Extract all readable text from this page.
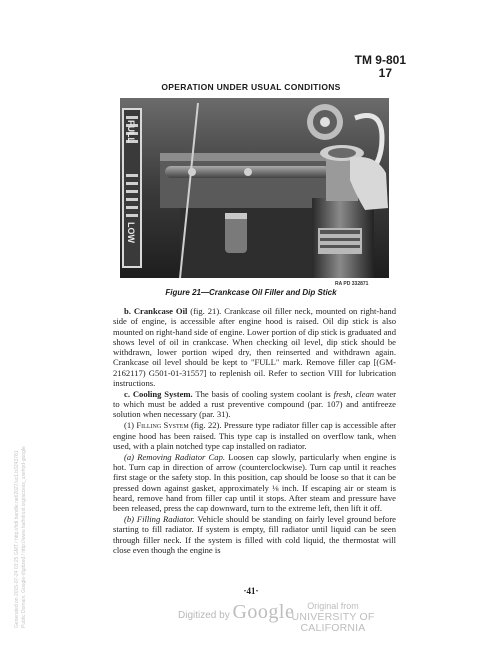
TM 9-801
17
OPERATION UNDER USUAL CONDITIONS
FULL
LOW
RA PD 332871
Figure 21—Crankcase Oil Filler and Dip Stick

b. Crankcase Oil (fig. 21). Crankcase oil filler neck, mounted on right-hand side of engine, is accessible after engine hood is raised. Oil dip stick is also mounted on right-hand side of engine. Lower portion of dip stick is graduated and shows level of oil in crankcase. When checking oil level, dip stick should be withdrawn, lower portion wiped dry, then reinserted and withdrawn again. Crankcase oil level should be kept to "FULL" mark. Remove filler cap [(GM-2162117) G501-01-31557] to replenish oil. Refer to section VIII for lubrication instructions.

c. Cooling System. The basis of cooling system coolant is fresh, clean water to which must be added a rust preventive compound (par. 107) and antifreeze solution when necessary (par. 31).

(1) Filling System (fig. 22). Pressure type radiator filler cap is accessible after engine hood has been raised. This type cap is installed on overflow tank, when used, with a plain notched type cap installed on radiator.

(a) Removing Radiator Cap. Loosen cap slowly, particularly when engine is hot. Turn cap in direction of arrow (counterclockwise). Turn cap until it reaches first stage or the safety stop. In this position, cap should be loose so that it can be pressed down against gasket, approximately ⅛ inch. If escaping air or steam is heard, remove hand from filler cap until it stops. After steam and pressure have been released, press the cap downward, turn to the extreme left, then lift it off.

(b) Filling Radiator. Vehicle should be standing on fairly level ground before starting to fill radiator. If system is empty, fill radiator until liquid can be seen through filler neck. If the system is filled with cold liquid, the thermostat will close even though the engine is

·41·
Digitized by Google	Original from
UNIVERSITY OF CALIFORNIA
Generated on 2015-07-24 03:25 GMT / http://hdl.handle.net/2027/uc1.b3243781 Public Domain, Google-digitized / http://www.hathitrust.org/access_use#pd-google
